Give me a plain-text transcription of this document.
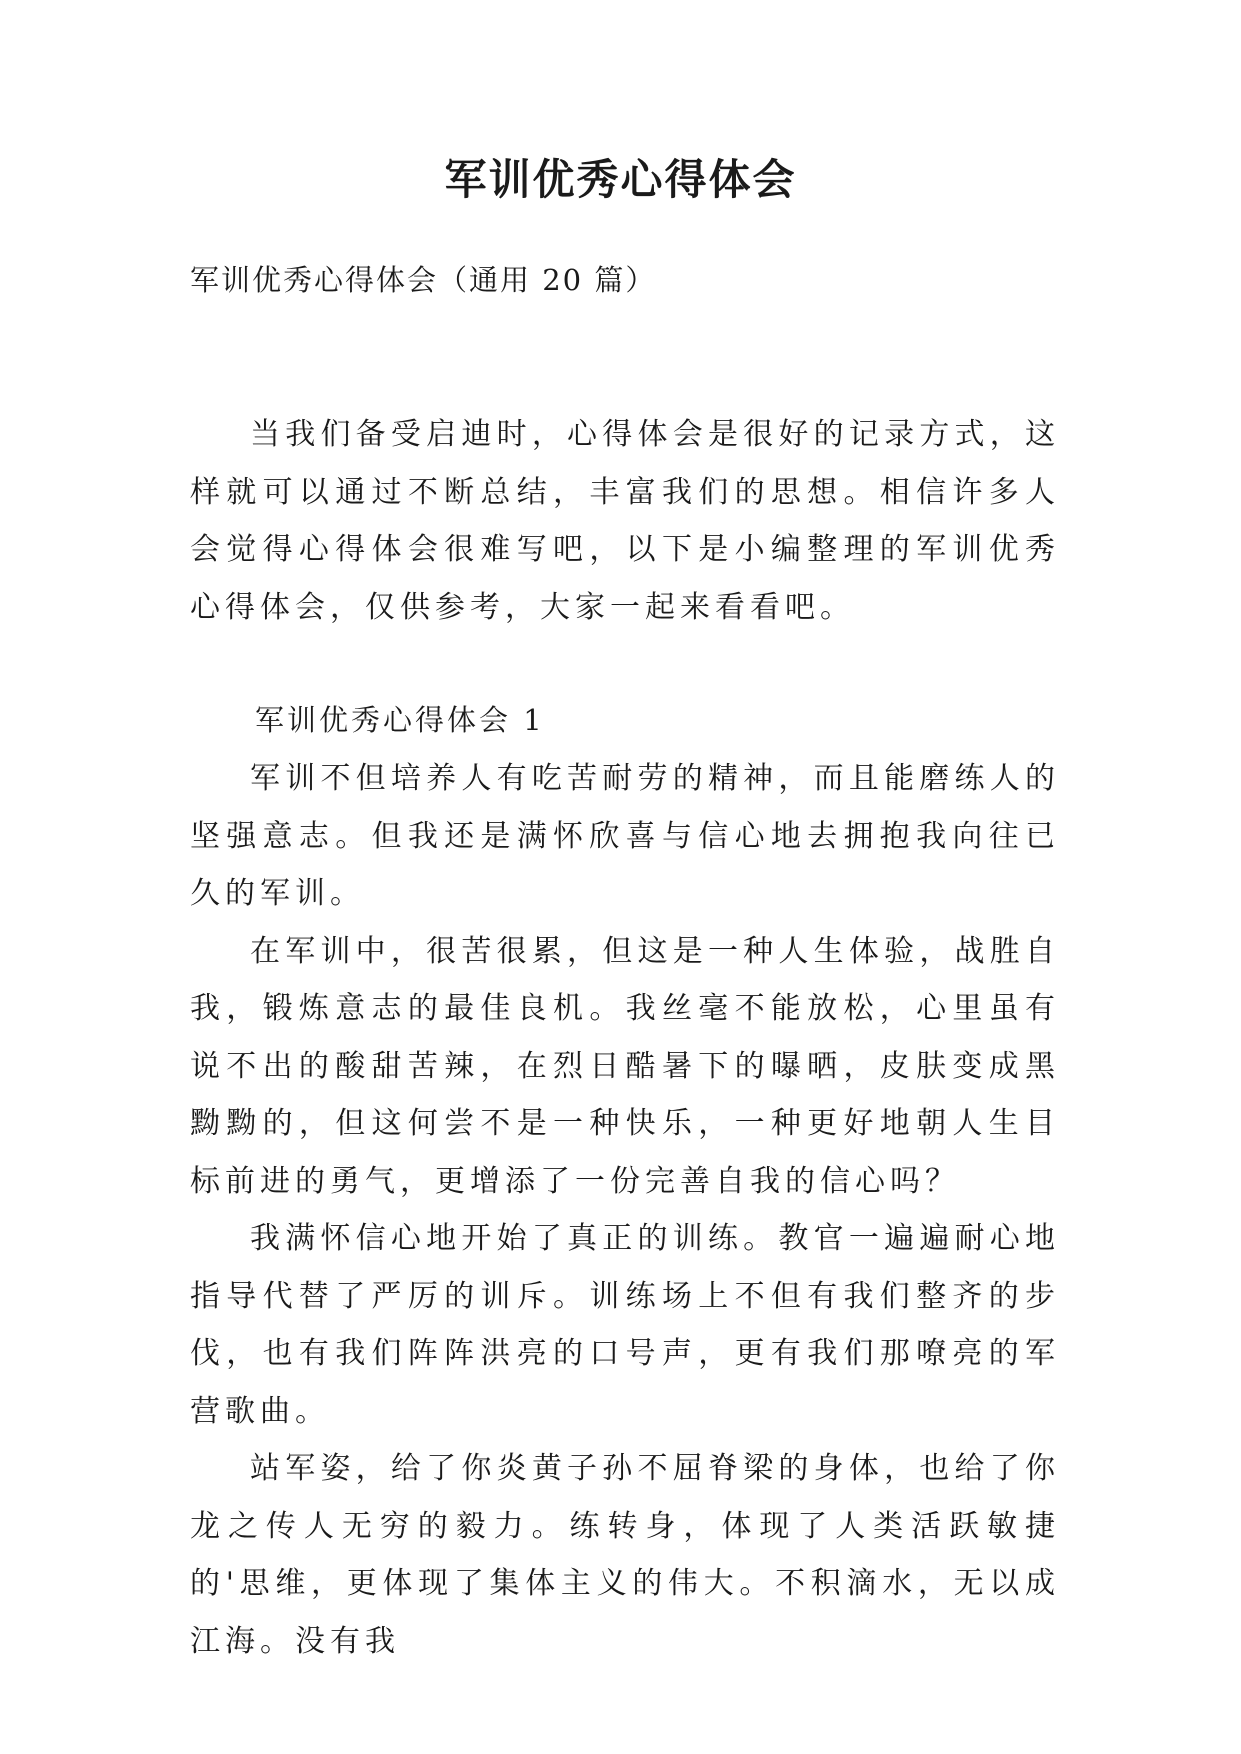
军训优秀心得体会
军训优秀心得体会（通用 20 篇）

当我们备受启迪时，心得体会是很好的记录方式，这样就可以通过不断总结，丰富我们的思想。相信许多人会觉得心得体会很难写吧，以下是小编整理的军训优秀心得体会，仅供参考，大家一起来看看吧。

军训优秀心得体会 1

军训不但培养人有吃苦耐劳的精神，而且能磨练人的坚强意志。但我还是满怀欣喜与信心地去拥抱我向往已久的军训。

在军训中，很苦很累，但这是一种人生体验，战胜自我，锻炼意志的最佳良机。我丝毫不能放松，心里虽有说不出的酸甜苦辣，在烈日酷暑下的曝晒，皮肤变成黑黝黝的，但这何尝不是一种快乐，一种更好地朝人生目标前进的勇气，更增添了一份完善自我的信心吗？

我满怀信心地开始了真正的训练。教官一遍遍耐心地指导代替了严厉的训斥。训练场上不但有我们整齐的步伐，也有我们阵阵洪亮的口号声，更有我们那嘹亮的军营歌曲。

站军姿，给了你炎黄子孙不屈脊梁的身体，也给了你龙之传人无穷的毅力。练转身，体现了人类活跃敏捷的'思维，更体现了集体主义的伟大。不积滴水，无以成江海。没有我
